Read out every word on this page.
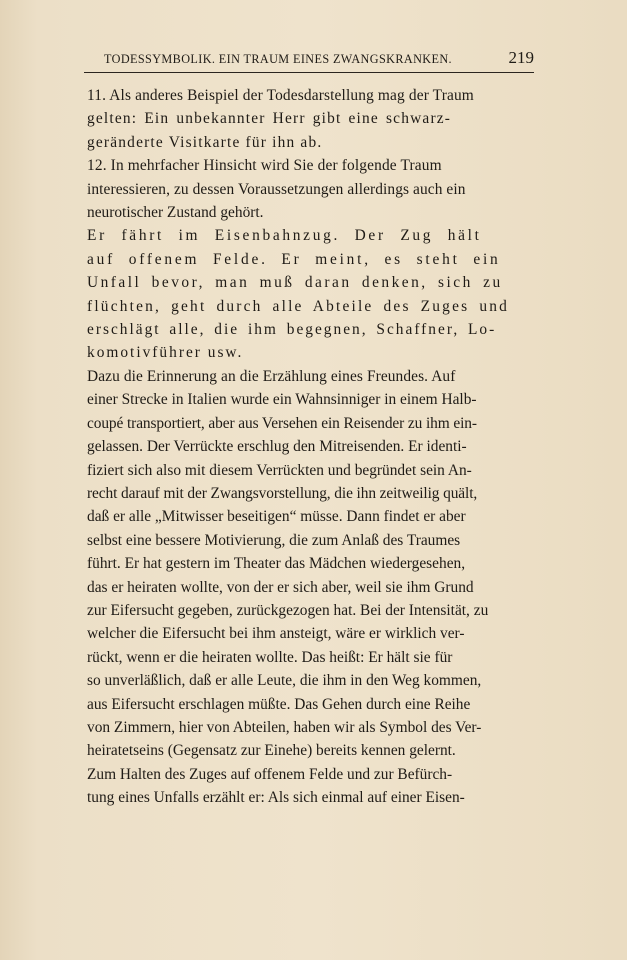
TODESSYMBOLIK. EIN TRAUM EINES ZWANGSKRANKEN.	219
11. Als anderes Beispiel der Todesdarstellung mag der Traum
gelten: Ein unbekannter Herr gibt eine schwarz-
geränderte Visitkarte für ihn ab.
12. In mehrfacher Hinsicht wird Sie der folgende Traum
interessieren, zu dessen Voraussetzungen allerdings auch ein
neurotischer Zustand gehört.
Er fährt im Eisenbahnzug. Der Zug hält
auf offenem Felde. Er meint, es steht ein
Unfall bevor, man muß daran denken, sich zu
flüchten, geht durch alle Abteile des Zuges und
erschlägt alle, die ihm begegnen, Schaffner, Lo-
komotivführer usw.
Dazu die Erinnerung an die Erzählung eines Freundes. Auf
einer Strecke in Italien wurde ein Wahnsinniger in einem Halb-
coupé transportiert, aber aus Versehen ein Reisender zu ihm ein-
gelassen. Der Verrückte erschlug den Mitreisenden. Er identi-
fiziert sich also mit diesem Verrückten und begründet sein An-
recht darauf mit der Zwangsvorstellung, die ihn zeitweilig quält,
daß er alle „Mitwisser beseitigen“ müsse. Dann findet er aber
selbst eine bessere Motivierung, die zum Anlaß des Traumes
führt. Er hat gestern im Theater das Mädchen wiedergesehen,
das er heiraten wollte, von der er sich aber, weil sie ihm Grund
zur Eifersucht gegeben, zurückgezogen hat. Bei der Intensität, zu
welcher die Eifersucht bei ihm ansteigt, wäre er wirklich ver-
rückt, wenn er die heiraten wollte. Das heißt: Er hält sie für
so unverläßlich, daß er alle Leute, die ihm in den Weg kommen,
aus Eifersucht erschlagen müßte. Das Gehen durch eine Reihe
von Zimmern, hier von Abteilen, haben wir als Symbol des Ver-
heiratetseins (Gegensatz zur Einehe) bereits kennen gelernt.
Zum Halten des Zuges auf offenem Felde und zur Befürch-
tung eines Unfalls erzählt er: Als sich einmal auf einer Eisen-
